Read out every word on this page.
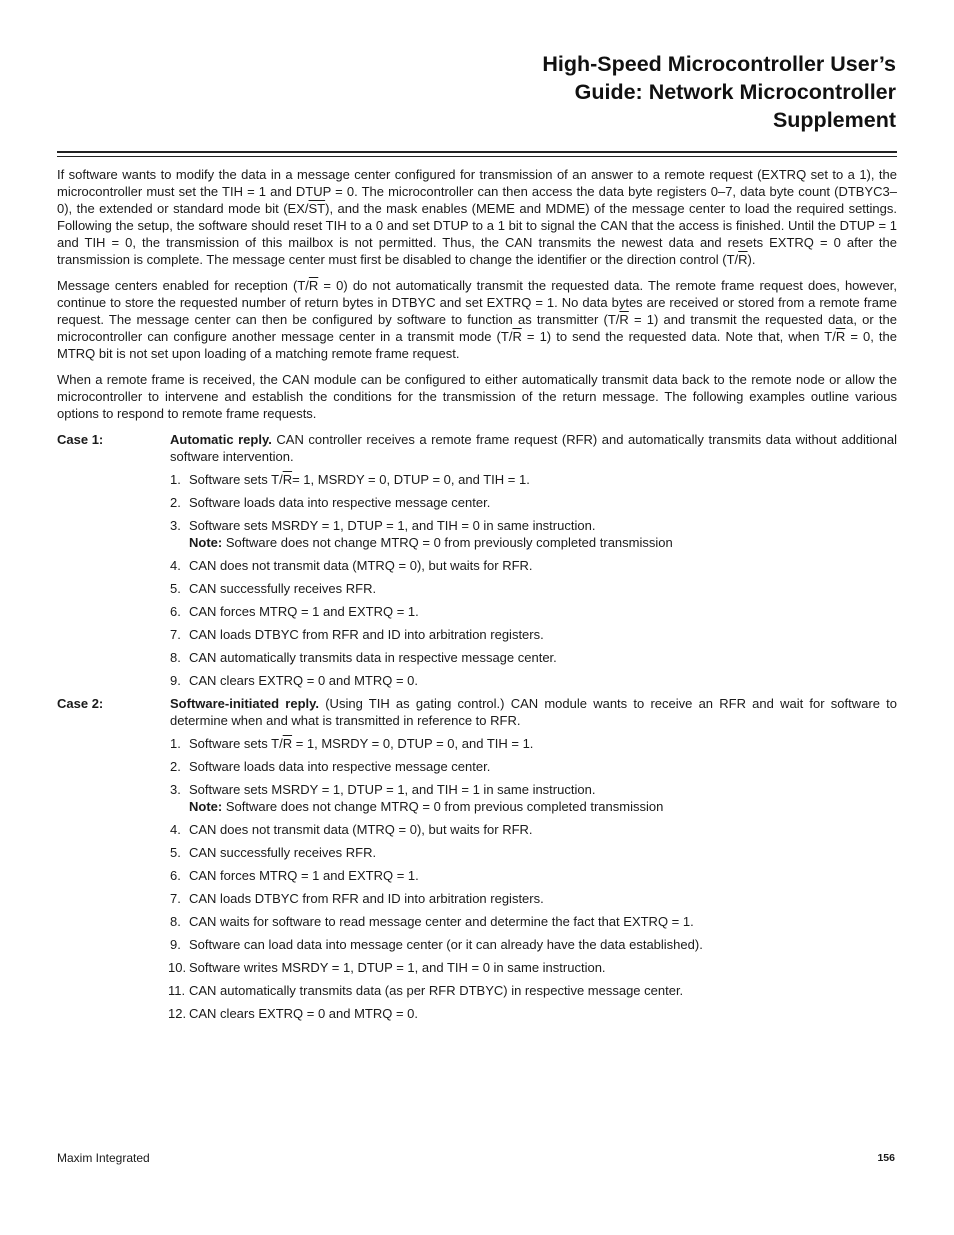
High-Speed Microcontroller User’s
Guide: Network Microcontroller
Supplement

If software wants to modify the data in a message center configured for transmission of an answer to a remote request (EXTRQ set to a 1), the microcontroller must set the TIH = 1 and DTUP = 0. The microcontroller can then access the data byte registers 0–7, data byte count (DTBYC3–0), the extended or standard mode bit $(EX/\overline{ST})$, and the mask enables (MEME and MDME) of the message center to load the required settings. Following the setup, the software should reset TIH to a 0 and set DTUP to a 1 bit to signal the CAN that the access is finished. Until the DTUP = 1 and TIH = 0, the transmission of this mailbox is not permitted. Thus, the CAN transmits the newest data and resets EXTRQ = 0 after the transmission is complete. The message center must first be disabled to change the identifier or the direction control $(T/\overline{R})$.

Message centers enabled for reception $(T/\overline{R} = 0)$ do not automatically transmit the requested data. The remote frame request does, however, continue to store the requested number of return bytes in DTBYC and set EXTRQ = 1. No data bytes are received or stored from a remote frame request. The message center can then be configured by software to function as transmitter $(T/\overline{R} = 1)$ and transmit the requested data, or the microcontroller can configure another message center in a transmit mode $(T/\overline{R} = 1)$ to send the requested data. Note that, when $T/\overline{R} = 0$, the MTRQ bit is not set upon loading of a matching remote frame request.

When a remote frame is received, the CAN module can be configured to either automatically transmit data back to the remote node or allow the microcontroller to intervene and establish the conditions for the transmission of the return message. The following examples outline various options to respond to remote frame requests.

Case 1:	Automatic reply. CAN controller receives a remote frame request (RFR) and automatically transmits data without additional software intervention.

1. Software sets $T/\overline{R}= 1$, MSRDY = 0, DTUP = 0, and TIH = 1.
2. Software loads data into respective message center.
3. Software sets MSRDY = 1, DTUP = 1, and TIH = 0 in same instruction.
Note: Software does not change MTRQ = 0 from previously completed transmission
4. CAN does not transmit data (MTRQ = 0), but waits for RFR.
5. CAN successfully receives RFR.
6. CAN forces MTRQ = 1 and EXTRQ = 1.
7. CAN loads DTBYC from RFR and ID into arbitration registers.
8. CAN automatically transmits data in respective message center.
9. CAN clears EXTRQ = 0 and MTRQ = 0.
Case 2:	Software-initiated reply. (Using TIH as gating control.) CAN module wants to receive an RFR and wait for software to determine when and what is transmitted in reference to RFR.

1. Software sets $T/\overline{R} = 1$, MSRDY = 0, DTUP = 0, and TIH = 1.
2. Software loads data into respective message center.
3. Software sets MSRDY = 1, DTUP = 1, and TIH = 1 in same instruction.
Note: Software does not change MTRQ = 0 from previous completed transmission
4. CAN does not transmit data (MTRQ = 0), but waits for RFR.
5. CAN successfully receives RFR.
6. CAN forces MTRQ = 1 and EXTRQ = 1.
7. CAN loads DTBYC from RFR and ID into arbitration registers.
8. CAN waits for software to read message center and determine the fact that EXTRQ = 1.
9. Software can load data into message center (or it can already have the data established).
10. Software writes MSRDY = 1, DTUP = 1, and TIH = 0 in same instruction.
11. CAN automatically transmits data (as per RFR DTBYC) in respective message center.
12. CAN clears EXTRQ = 0 and MTRQ = 0.
Maxim Integrated	156
